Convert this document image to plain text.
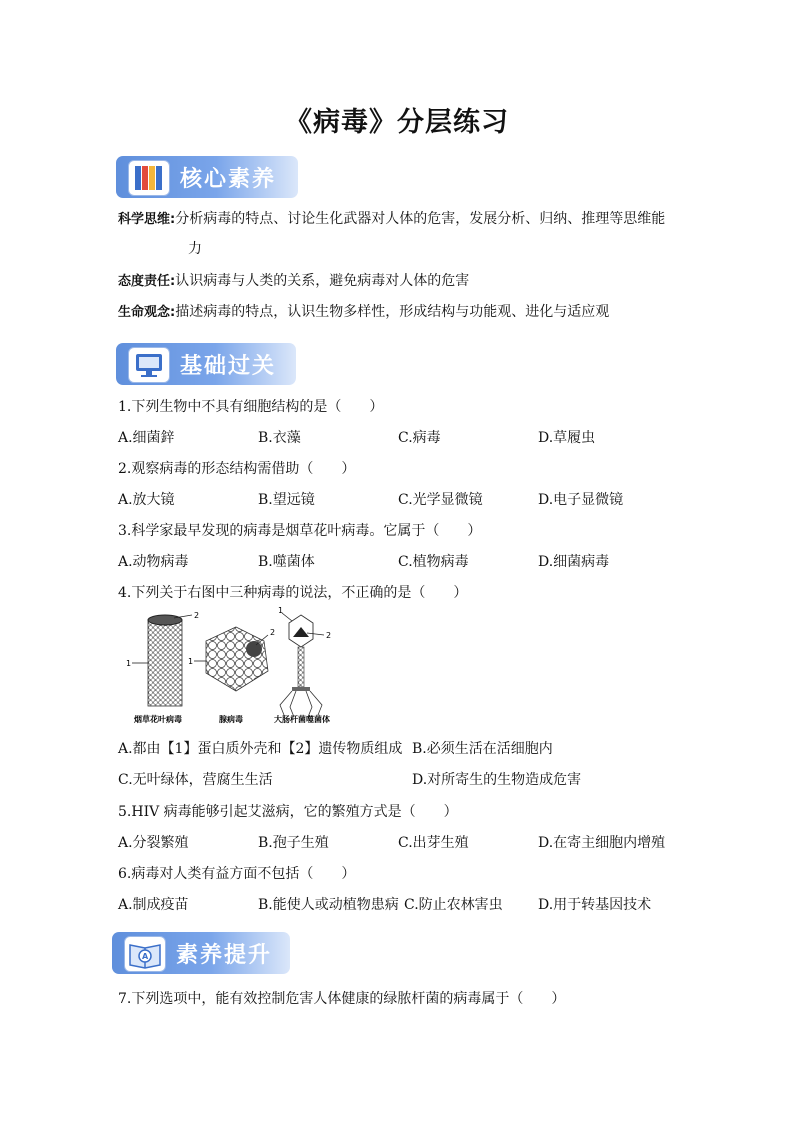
《病毒》分层练习
核心素养
科学思维:分析病毒的特点、讨论生化武器对人体的危害，发展分析、归纳、推理等思维能
力
态度责任:认识病毒与人类的关系，避免病毒对人体的危害
生命观念:描述病毒的特点，认识生物多样性，形成结构与功能观、进化与适应观
基础过关
1.下列生物中不具有细胞结构的是（　　）
A.细菌鋅	B.衣藻	C.病毒	D.草履虫
2.观察病毒的形态结构需借助（　　）
A.放大镜	B.望远镜	C.光学显微镜	D.电子显微镜
3.科学家最早发现的病毒是烟草花叶病毒。它属于（　　）
A.动物病毒	B.噬菌体	C.植物病毒	D.细菌病毒
4.下列关于右图中三种病毒的说法，不正确的是（　　）
2
1
2
1
1
2
烟草花叶病毒	腺病毒	大肠杆菌噬菌体
A.都由【1】蛋白质外壳和【2】遗传物质组成 B.必须生活在活细胞内
C.无叶绿体，营腐生生活	D.对所寄生的生物造成危害
5.HIV 病毒能够引起艾滋病，它的繁殖方式是（　　）
A.分裂繁殖	B.孢子生殖	C.出芽生殖	D.在寄主细胞内增殖
6.病毒对人类有益方面不包括（　　）
A.制成疫苗	B.能使人或动植物患病 C.防止农林害虫	D.用于转基因技术
A 素养提升
7.下列选项中，能有效控制危害人体健康的绿脓杆菌的病毒属于（　　）
